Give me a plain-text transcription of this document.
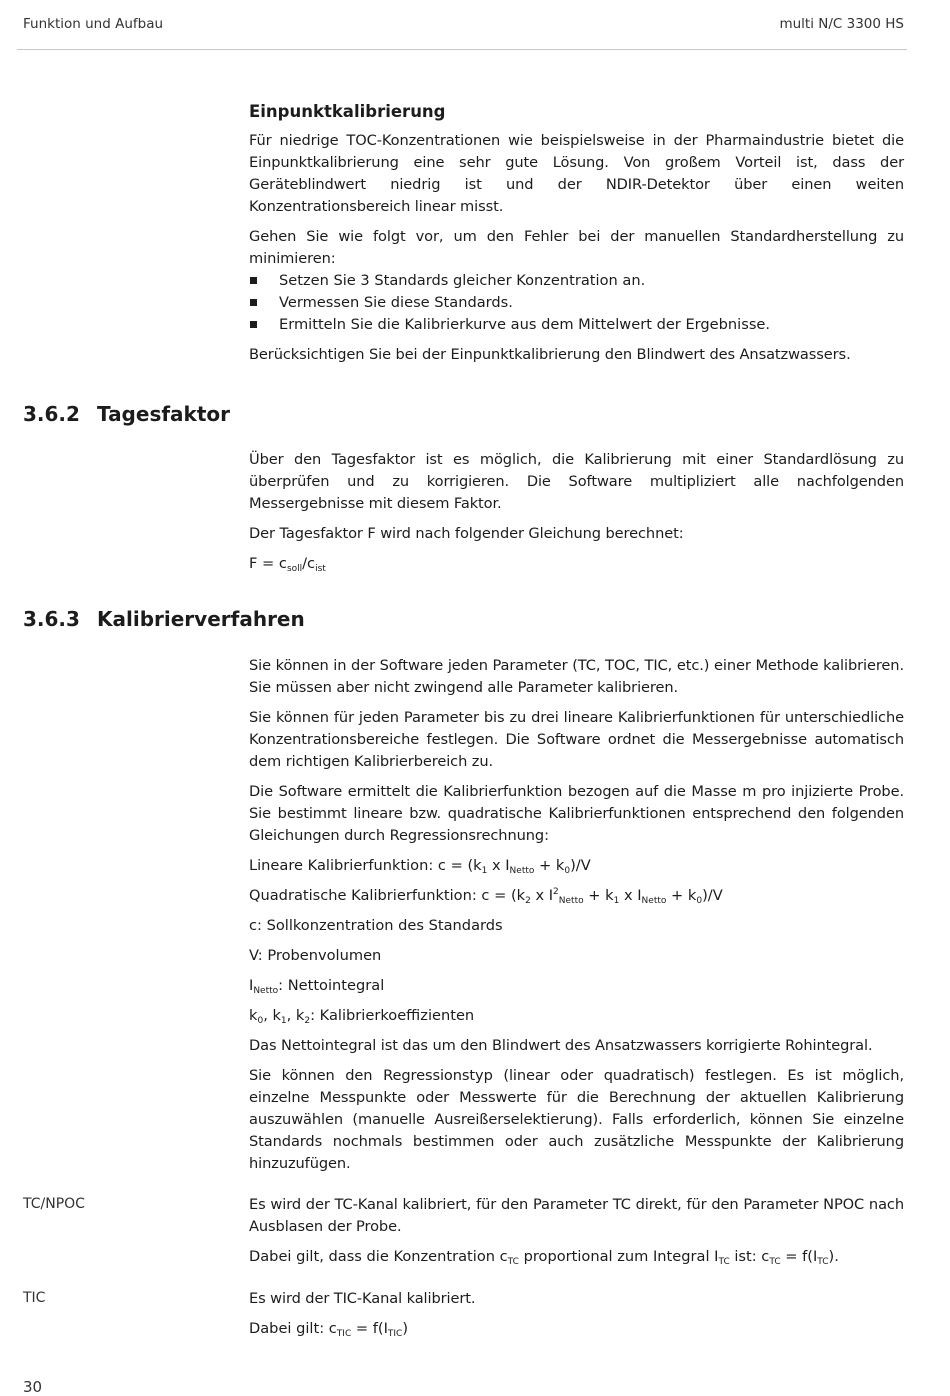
Funktion und Aufbau	multi N/C 3300 HS
Einpunktkalibrierung

Für niedrige TOC-Konzentrationen wie beispielsweise in der Pharmaindustrie bietet die Einpunktkalibrierung eine sehr gute Lösung. Von großem Vorteil ist, dass der Geräteblindwert niedrig ist und der NDIR-Detektor über einen weiten Konzentrationsbereich linear misst.

Gehen Sie wie folgt vor, um den Fehler bei der manuellen Standardherstellung zu minimieren:

Setzen Sie 3 Standards gleicher Konzentration an.
Vermessen Sie diese Standards.
Ermitteln Sie die Kalibrierkurve aus dem Mittelwert der Ergebnisse.

Berücksichtigen Sie bei der Einpunktkalibrierung den Blindwert des Ansatzwassers.

3.6.2 Tagesfaktor

Über den Tagesfaktor ist es möglich, die Kalibrierung mit einer Standardlösung zu überprüfen und zu korrigieren. Die Software multipliziert alle nachfolgenden Messergebnisse mit diesem Faktor.

Der Tagesfaktor F wird nach folgender Gleichung berechnet:

$F = c_{soll}/c_{ist}$

3.6.3 Kalibrierverfahren

Sie können in der Software jeden Parameter (TC, TOC, TIC, etc.) einer Methode kalibrieren. Sie müssen aber nicht zwingend alle Parameter kalibrieren.

Sie können für jeden Parameter bis zu drei lineare Kalibrierfunktionen für unterschiedliche Konzentrationsbereiche festlegen. Die Software ordnet die Messergebnisse automatisch dem richtigen Kalibrierbereich zu.

Die Software ermittelt die Kalibrierfunktion bezogen auf die Masse m pro injizierte Probe. Sie bestimmt lineare bzw. quadratische Kalibrierfunktionen entsprechend den folgenden Gleichungen durch Regressionsrechnung:

Lineare Kalibrierfunktion: $c = (k_1$ x $I_{Netto} + k_0)/V$

Quadratische Kalibrierfunktion: $c = (k_2$ x $I^2_{Netto} + k_1$ x $I_{Netto} + k_0)/V$

c: Sollkonzentration des Standards

V: Probenvolumen

$I_{Netto}$: Nettointegral

$k_0$, $k_1$, $k_2$: Kalibrierkoeffizienten

Das Nettointegral ist das um den Blindwert des Ansatzwassers korrigierte Rohintegral.

Sie können den Regressionstyp (linear oder quadratisch) festlegen. Es ist möglich, einzelne Messpunkte oder Messwerte für die Berechnung der aktuellen Kalibrierung auszuwählen (manuelle Ausreißerselektierung). Falls erforderlich, können Sie einzelne Standards nochmals bestimmen oder auch zusätzliche Messpunkte der Kalibrierung hinzuzufügen.

TC/NPOC	Es wird der TC-Kanal kalibriert, für den Parameter TC direkt, für den Parameter NPOC nach Ausblasen der Probe.

Dabei gilt, dass die Konzentration $c_{TC}$ proportional zum Integral $I_{TC}$ ist: $c_{TC} = f(I_{TC})$.

TIC	Es wird der TIC-Kanal kalibriert.

Dabei gilt: $c_{TIC} = f(I_{TIC})$

30
